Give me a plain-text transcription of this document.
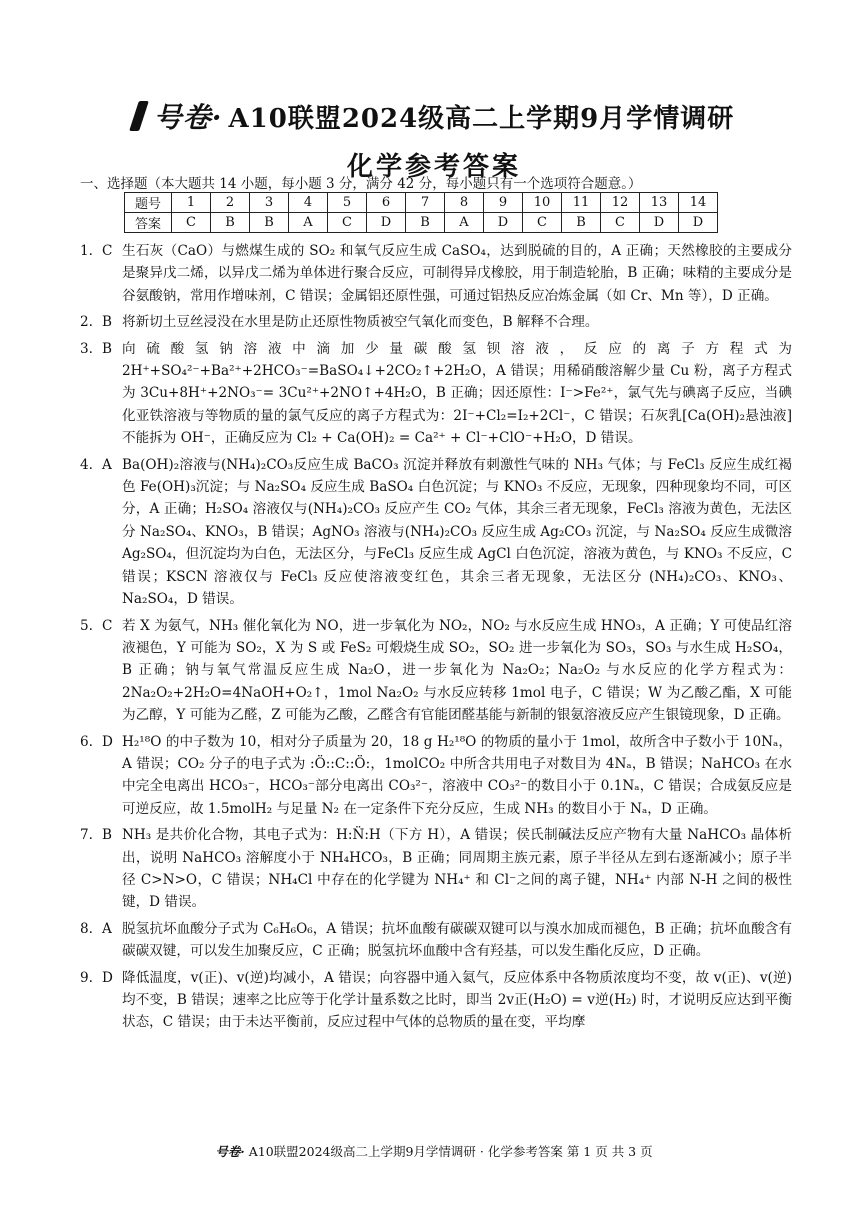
号卷· A10联盟2024级高二上学期9月学情调研
化学参考答案
一、选择题（本大题共 14 小题，每小题 3 分，满分 42 分，每小题只有一个选项符合题意。）
题号	1	2	3	4	5	6	7	8	9	10	11	12	13	14
答案	C	B	B	A	C	D	B	A	D	C	B	C	D	D
1. C 生石灰（CaO）与燃煤生成的 SO₂ 和氧气反应生成 CaSO₄，达到脱硫的目的，A 正确；天然橡胶的主要成分是聚异戊二烯，以异戊二烯为单体进行聚合反应，可制得异戊橡胶，用于制造轮胎，B 正确；味精的主要成分是谷氨酸钠，常用作增味剂，C 错误；金属铝还原性强，可通过铝热反应冶炼金属（如 Cr、Mn 等），D 正确。
2. B 将新切土豆丝浸没在水里是防止还原性物质被空气氧化而变色，B 解释不合理。
3. B 向硫酸氢钠溶液中滴加少量碳酸氢钡溶液，反应的离子方程式为 2H⁺+SO₄²⁻+Ba²⁺+2HCO₃⁻=BaSO₄↓+2CO₂↑+2H₂O，A 错误；用稀硝酸溶解少量 Cu 粉，离子方程式为 3Cu+8H⁺+2NO₃⁻= 3Cu²⁺+2NO↑+4H₂O，B 正确；因还原性：I⁻>Fe²⁺，氯气先与碘离子反应，当碘化亚铁溶液与等物质的量的氯气反应的离子方程式为：2I⁻+Cl₂=I₂+2Cl⁻，C 错误；石灰乳[Ca(OH)₂悬浊液]不能拆为 OH⁻，正确反应为 Cl₂ + Ca(OH)₂ = Ca²⁺ + Cl⁻+ClO⁻+H₂O，D 错误。
4. A Ba(OH)₂溶液与(NH₄)₂CO₃反应生成 BaCO₃ 沉淀并释放有刺激性气味的 NH₃ 气体；与 FeCl₃ 反应生成红褐色 Fe(OH)₃沉淀；与 Na₂SO₄ 反应生成 BaSO₄ 白色沉淀；与 KNO₃ 不反应，无现象，四种现象均不同，可区分，A 正确；H₂SO₄ 溶液仅与(NH₄)₂CO₃ 反应产生 CO₂ 气体，其余三者无现象，FeCl₃ 溶液为黄色，无法区分 Na₂SO₄、KNO₃，B 错误；AgNO₃ 溶液与(NH₄)₂CO₃ 反应生成 Ag₂CO₃ 沉淀，与 Na₂SO₄ 反应生成微溶 Ag₂SO₄，但沉淀均为白色，无法区分，与FeCl₃ 反应生成 AgCl 白色沉淀，溶液为黄色，与 KNO₃ 不反应，C 错误；KSCN 溶液仅与 FeCl₃ 反应使溶液变红色，其余三者无现象，无法区分 (NH₄)₂CO₃、KNO₃、Na₂SO₄，D 错误。
5. C 若 X 为氨气，NH₃ 催化氧化为 NO，进一步氧化为 NO₂，NO₂ 与水反应生成 HNO₃，A 正确；Y 可使品红溶液褪色，Y 可能为 SO₂，X 为 S 或 FeS₂ 可煅烧生成 SO₂，SO₂ 进一步氧化为 SO₃，SO₃ 与水生成 H₂SO₄，B 正确；钠与氧气常温反应生成 Na₂O，进一步氧化为 Na₂O₂；Na₂O₂ 与水反应的化学方程式为：2Na₂O₂+2H₂O=4NaOH+O₂↑，1mol Na₂O₂ 与水反应转移 1mol 电子，C 错误；W 为乙酸乙酯，X 可能为乙醇，Y 可能为乙醛，Z 可能为乙酸，乙醛含有官能团醛基能与新制的银氨溶液反应产生银镜现象，D 正确。
6. D H₂¹⁸O 的中子数为 10，相对分子质量为 20，18 g H₂¹⁸O 的物质的量小于 1mol，故所含中子数小于 10Nₐ，A 错误；CO₂ 分子的电子式为 :Ö::C::Ö:，1molCO₂ 中所含共用电子对数目为 4Nₐ，B 错误；NaHCO₃ 在水中完全电离出 HCO₃⁻，HCO₃⁻部分电离出 CO₃²⁻，溶液中 CO₃²⁻的数目小于 0.1Nₐ，C 错误；合成氨反应是可逆反应，故 1.5molH₂ 与足量 N₂ 在一定条件下充分反应，生成 NH₃ 的数目小于 Nₐ，D 正确。
7. B NH₃ 是共价化合物，其电子式为：H:N̈:H（下方 H），A 错误；侯氏制碱法反应产物有大量 NaHCO₃ 晶体析出，说明 NaHCO₃ 溶解度小于 NH₄HCO₃，B 正确；同周期主族元素，原子半径从左到右逐渐减小；原子半径 C>N>O，C 错误；NH₄Cl 中存在的化学键为 NH₄⁺ 和 Cl⁻之间的离子键，NH₄⁺ 内部 N-H 之间的极性键，D 错误。
8. A 脱氢抗坏血酸分子式为 C₆H₆O₆，A 错误；抗坏血酸有碳碳双键可以与溴水加成而褪色，B 正确；抗坏血酸含有碳碳双键，可以发生加聚反应，C 正确；脱氢抗坏血酸中含有羟基，可以发生酯化反应，D 正确。
9. D 降低温度，v(正)、v(逆)均减小，A 错误；向容器中通入氦气，反应体系中各物质浓度均不变，故 v(正)、v(逆)均不变，B 错误；速率之比应等于化学计量系数之比时，即当 2v正(H₂O) = v逆(H₂) 时，才说明反应达到平衡状态，C 错误；由于未达平衡前，反应过程中气体的总物质的量在变，平均摩
号卷· A10联盟2024级高二上学期9月学情调研 · 化学参考答案 第 1 页 共 3 页
